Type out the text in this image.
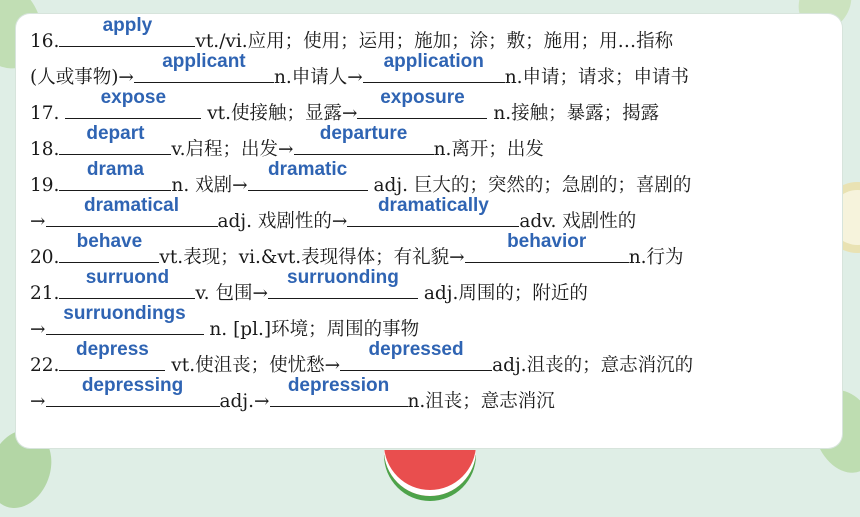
16.
apply
vt./vi.应用；使用；运用；施加；涂；敷；施用；用…指称
(人或事物)→
applicant
n.申请人→
application
n.申请；请求；申请书
17.
expose
vt.使接触；显露→
exposure
n.接触；暴露；揭露
18.
depart
v.启程；出发→
departure
n.离开；出发
19.
drama
n. 戏剧→
dramatic
adj. 巨大的；突然的；急剧的；喜剧的
→
dramatical
adj. 戏剧性的→
dramatically
adv. 戏剧性的
20.
behave
vt.表现；vi.&vt.表现得体；有礼貌→
behavior
n.行为
21.
surruond
v. 包围→
surruonding
adj.周围的；附近的
→
surruondings
n. [pl.]环境；周围的事物
22.
depress
vt.使沮丧；使忧愁→
depressed
adj.沮丧的；意志消沉的
→
depressing
adj.→
depression
n.沮丧；意志消沉
